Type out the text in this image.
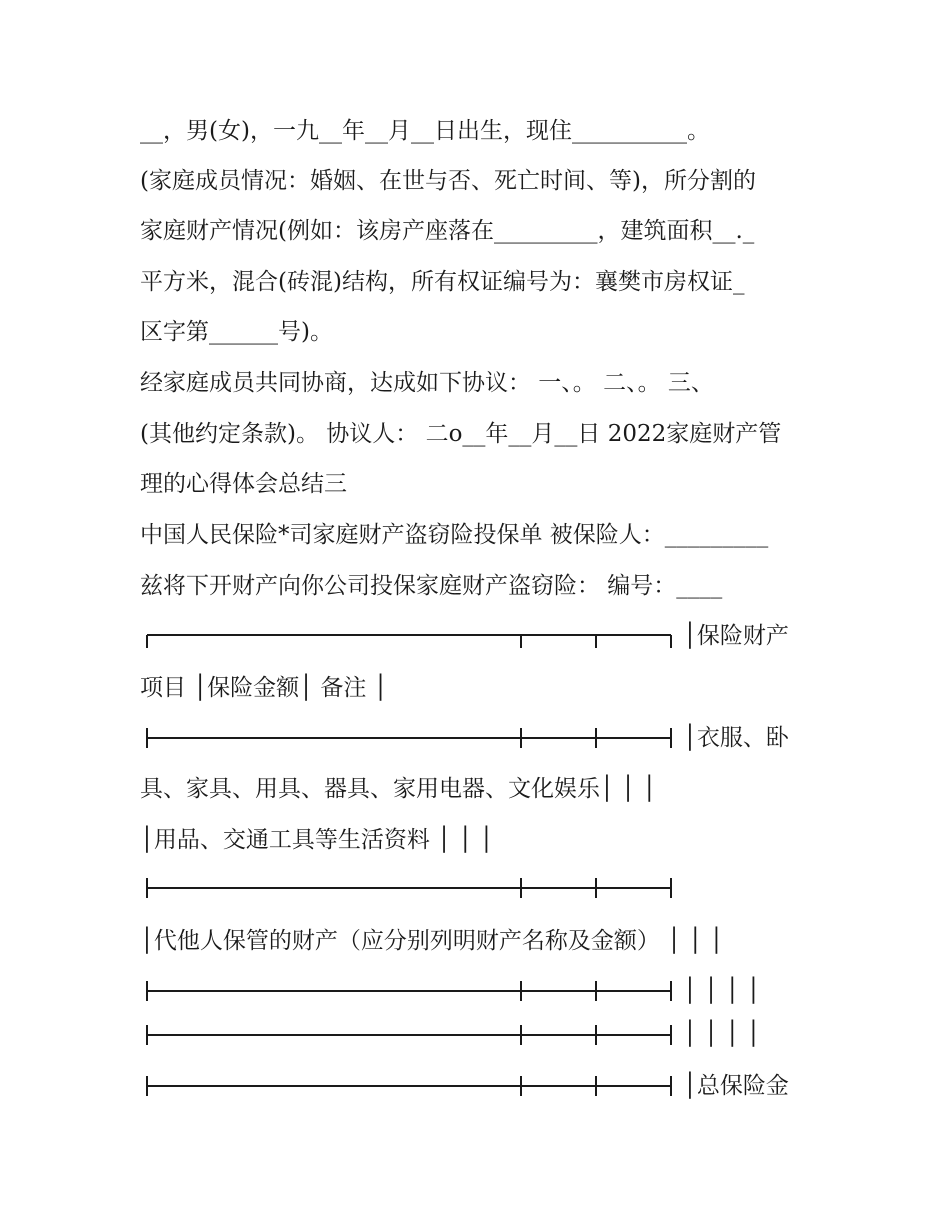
__，男(女)，一九__年__月__日出生，现住__________。
(家庭成员情况：婚姻、在世与否、死亡时间、等)，所分割的
家庭财产情况(例如：该房产座落在_________，建筑面积__._
平方米，混合(砖混)结构，所有权证编号为：襄樊市房权证_
区字第______号)。
经家庭成员共同协商，达成如下协议： 一、。 二、。 三、
(其他约定条款)。 协议人： 二o__年__月__日 2022家庭财产管
理的心得体会总结三
中国人民保险*司家庭财产盗窃险投保单 被保险人：_________
兹将下开财产向你公司投保家庭财产盗窃险： 编号：____
│保险财产
项目 │保险金额│ 备注 │
│衣服、卧
具、家具、用具、器具、家用电器、文化娱乐│ │ │
│用品、交通工具等生活资料 │ │ │
│代他人保管的财产（应分别列明财产名称及金额） │ │ │
│ │ │ │
│ │ │ │
│总保险金
